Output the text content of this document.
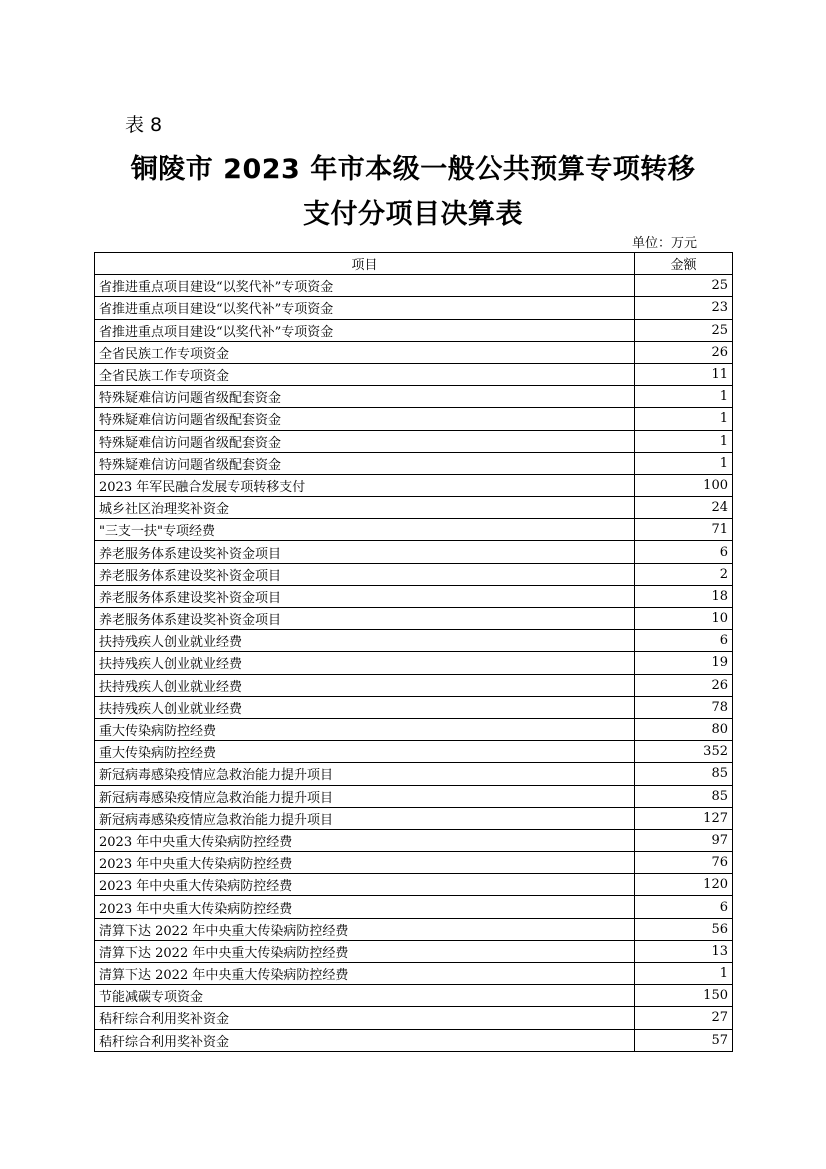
表 8
铜陵市 2023 年市本级一般公共预算专项转移
支付分项目决算表
单位：万元
项目	金额
省推进重点项目建设“以奖代补”专项资金	25
省推进重点项目建设“以奖代补”专项资金	23
省推进重点项目建设“以奖代补”专项资金	25
全省民族工作专项资金	26
全省民族工作专项资金	11
特殊疑难信访问题省级配套资金	1
特殊疑难信访问题省级配套资金	1
特殊疑难信访问题省级配套资金	1
特殊疑难信访问题省级配套资金	1
2023 年军民融合发展专项转移支付	100
城乡社区治理奖补资金	24
"三支一扶"专项经费	71
养老服务体系建设奖补资金项目	6
养老服务体系建设奖补资金项目	2
养老服务体系建设奖补资金项目	18
养老服务体系建设奖补资金项目	10
扶持残疾人创业就业经费	6
扶持残疾人创业就业经费	19
扶持残疾人创业就业经费	26
扶持残疾人创业就业经费	78
重大传染病防控经费	80
重大传染病防控经费	352
新冠病毒感染疫情应急救治能力提升项目	85
新冠病毒感染疫情应急救治能力提升项目	85
新冠病毒感染疫情应急救治能力提升项目	127
2023 年中央重大传染病防控经费	97
2023 年中央重大传染病防控经费	76
2023 年中央重大传染病防控经费	120
2023 年中央重大传染病防控经费	6
清算下达 2022 年中央重大传染病防控经费	56
清算下达 2022 年中央重大传染病防控经费	13
清算下达 2022 年中央重大传染病防控经费	1
节能减碳专项资金	150
秸秆综合利用奖补资金	27
秸秆综合利用奖补资金	57
